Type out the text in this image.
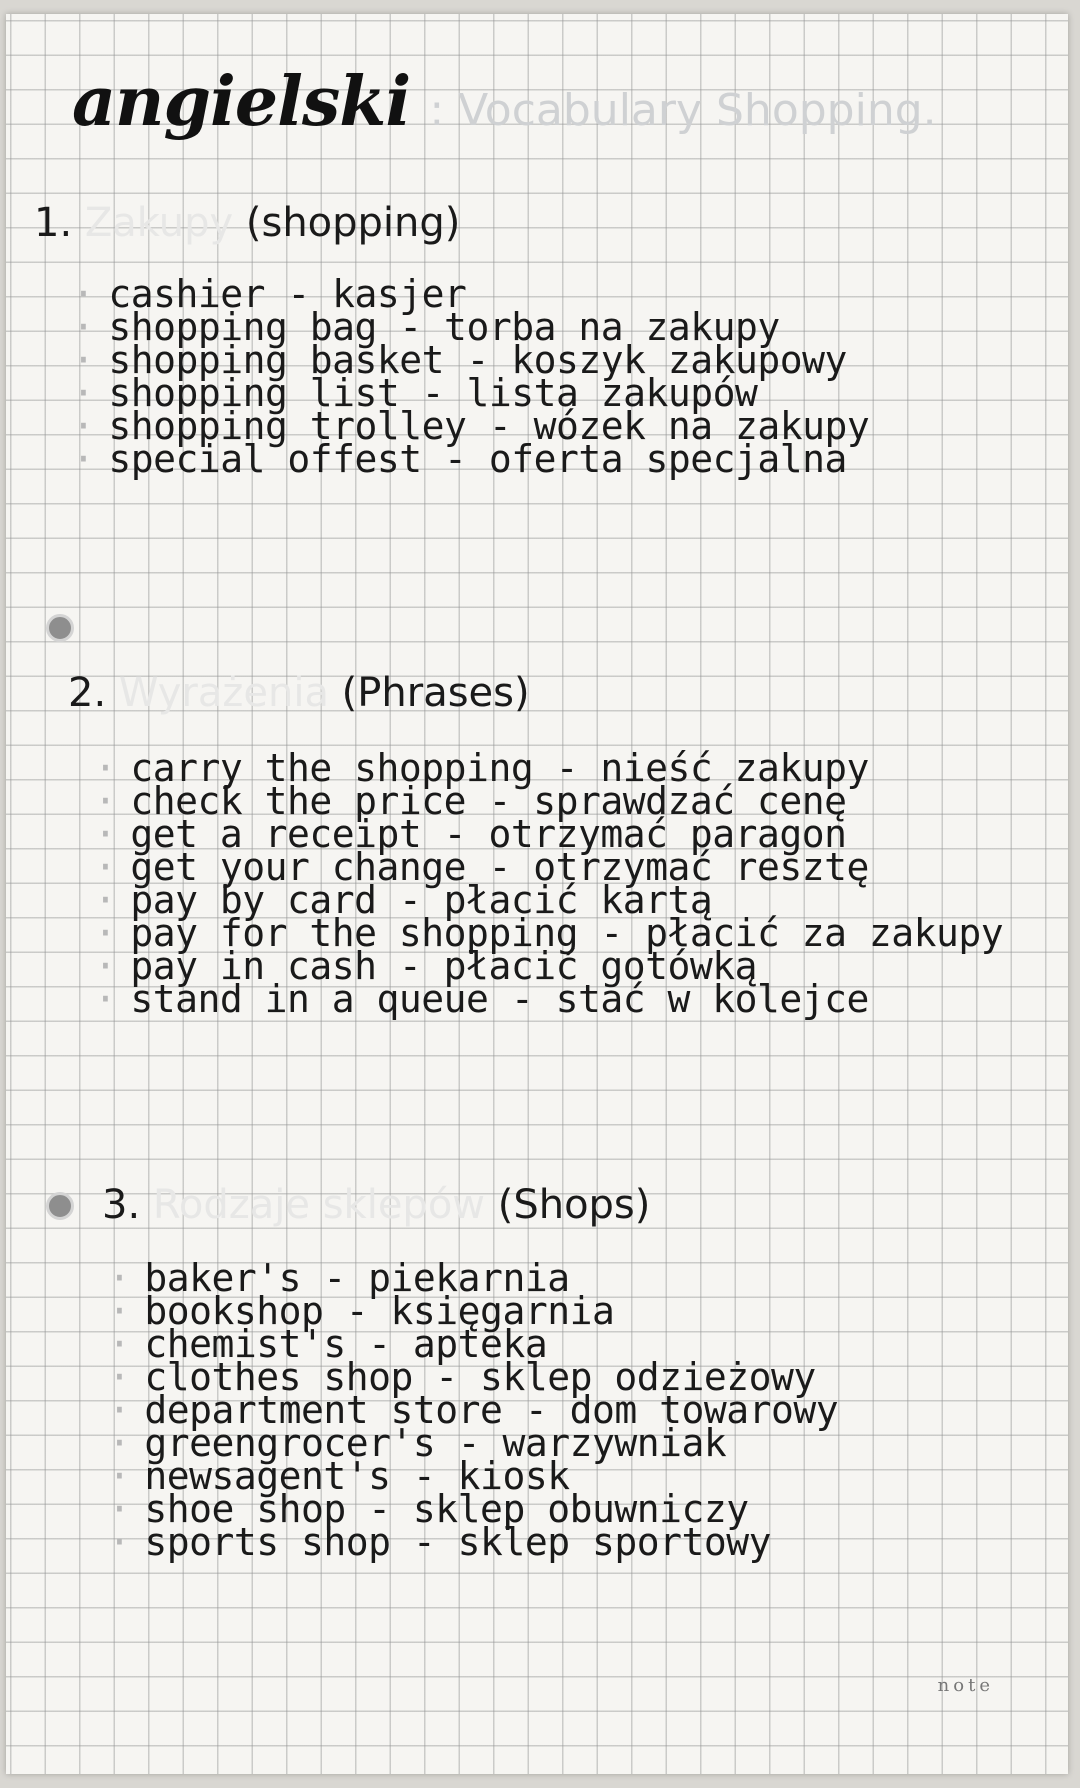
angielski : Vocabulary Shopping.
1. Zakupy (shopping)
· cashier - kasjer
· shopping bag - torba na zakupy
· shopping basket - koszyk zakupowy
· shopping list - lista zakupów
· shopping trolley - wózek na zakupy
· special offest - oferta specjalna
2. Wyrażenia (Phrases)
· carry the shopping - nieść zakupy
· check the price - sprawdzać cenę
· get a receipt - otrzymać paragon
· get your change - otrzymać resztę
· pay by card - płacić kartą
· pay for the shopping - płacić za zakupy
· pay in cash - płacić gotówką
· stand in a queue - stać w kolejce
3. Rodzaje sklepów (Shops)
· baker's - piekarnia
· bookshop - księgarnia
· chemist's - apteka
· clothes shop - sklep odzieżowy
· department store - dom towarowy
· greengrocer's - warzywniak
· newsagent's - kiosk
· shoe shop - sklep obuwniczy
· sports shop - sklep sportowy
note
